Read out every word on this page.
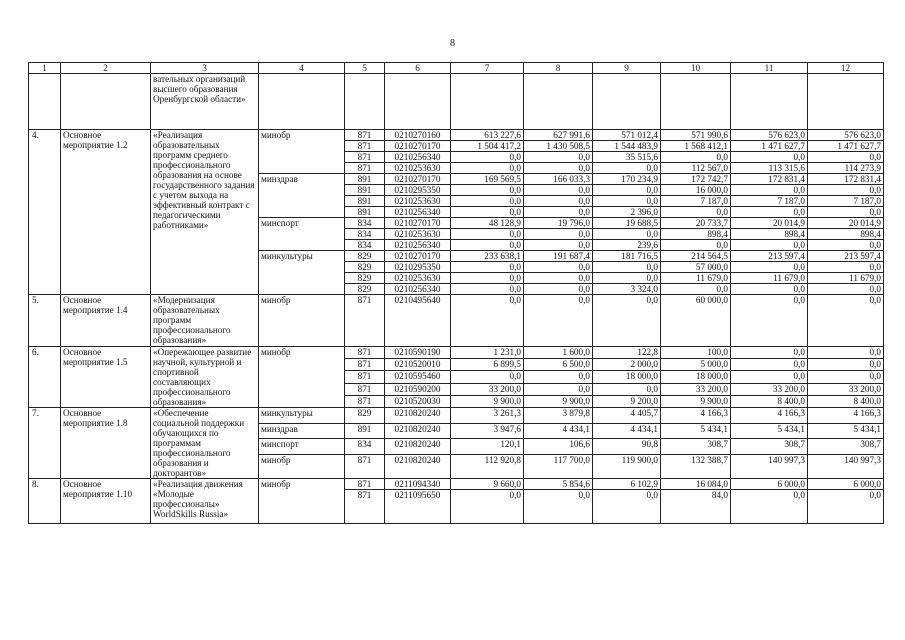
8
1	2	3	4	5	6	7	8	9	10	11	12
		вательных организаций высшего образования Оренбургской области»									
4.	Основное мероприятие 1.2	«Реализация образовательных программ среднего профессионального образования на основе государственного задания с учетом выхода на эффективный контракт с педагогическими работниками»	минобр	871	0210270160	613 227,6	627 991,6	571 012,4	571 990,6	576 623,0	576 623,0
				871	0210270170	1 504 417,2	1 430 508,5	1 544 483,9	1 568 412,1	1 471 627,7	1 471 627,7
				871	0210256340	0,0	0,0	35 515,6	0,0	0,0	0,0
				871	0210253630	0,0	0,0	0,0	112 567,0	113 315,6	114 273,9
			минздрав	891	0210270170	169 569,5	166 033,3	170 234,9	172 742,7	172 831,4	172 831,4
				891	0210295350	0,0	0,0	0,0	16 000,0	0,0	0,0
				891	0210253630	0,0	0,0	0,0	7 187,0	7 187,0	7 187,0
				891	0210256340	0,0	0,0	2 396,0	0,0	0,0	0,0
			минспорт	834	0210270170	48 128,9	19 796,0	19 688,5	20 733,7	20 014,9	20 014,9
				834	0210253630	0,0	0,0	0,0	898,4	898,4	898,4
				834	0210256340	0,0	0,0	239,6	0,0	0,0	0,0
			минкультуры	829	0210270170	233 638,1	191 687,4	181 716,5	214 564,5	213 597,4	213 597,4
				829	0210295350	0,0	0,0	0,0	57 000,0	0,0	0,0
				829	0210253630	0,0	0,0	0,0	11 679,0	11 679,0	11 679,0
				829	0210256340	0,0	0,0	3 324,0	0,0	0,0	0,0
5.	Основное мероприятие 1.4	«Модернизация образовательных программ профессионального образования»	минобр	871	0210495640	0,0	0,0	0,0	60 000,0	0,0	0,0
6.	Основное мероприятие 1.5	«Опережающее развитие научной, культурной и спортивной составляющих профессионального образования»	минобр	871	0210590190	1 231,0	1 600,0	122,8	100,0	0,0	0,0
				871	0210520010	6 899,5	6 500,0	2 000,0	5 000,0	0,0	0,0
				871	0210595460	0,0	0,0	18 000,0	18 000,0	0,0	0,0
				871	0210590200	33 200,0	0,0	0,0	33 200,0	33 200,0	33 200,0
				871	0210520030	9 900,0	9 900,0	9 200,0	9 900,0	8 400,0	8 400,0
7.	Основное мероприятие 1.8	«Обеспечение социальной поддержки обучающихся по программам профессионального образования и докторантов»	минкультуры	829	0210820240	3 261,3	3 879,8	4 405,7	4 166,3	4 166,3	4 166,3
			минздрав	891	0210820240	3 947,6	4 434,1	4 434,1	5 434,1	5 434,1	5 434,1
			минспорт	834	0210820240	120,1	106,6	90,8	308,7	308,7	308,7
			минобр	871	0210820240	112 920,8	117 700,0	119 900,0	132 388,7	140 997,3	140 997,3
8.	Основное мероприятие 1.10	«Реализация движения «Молодые профессионалы» WorldSkills Russia»	минобр	871	0211094340	9 660,0	5 854,6	6 102,9	16 084,0	6 000,0	6 000,0
				871	0211095650	0,0	0,0	0,0	84,0	0,0	0,0
